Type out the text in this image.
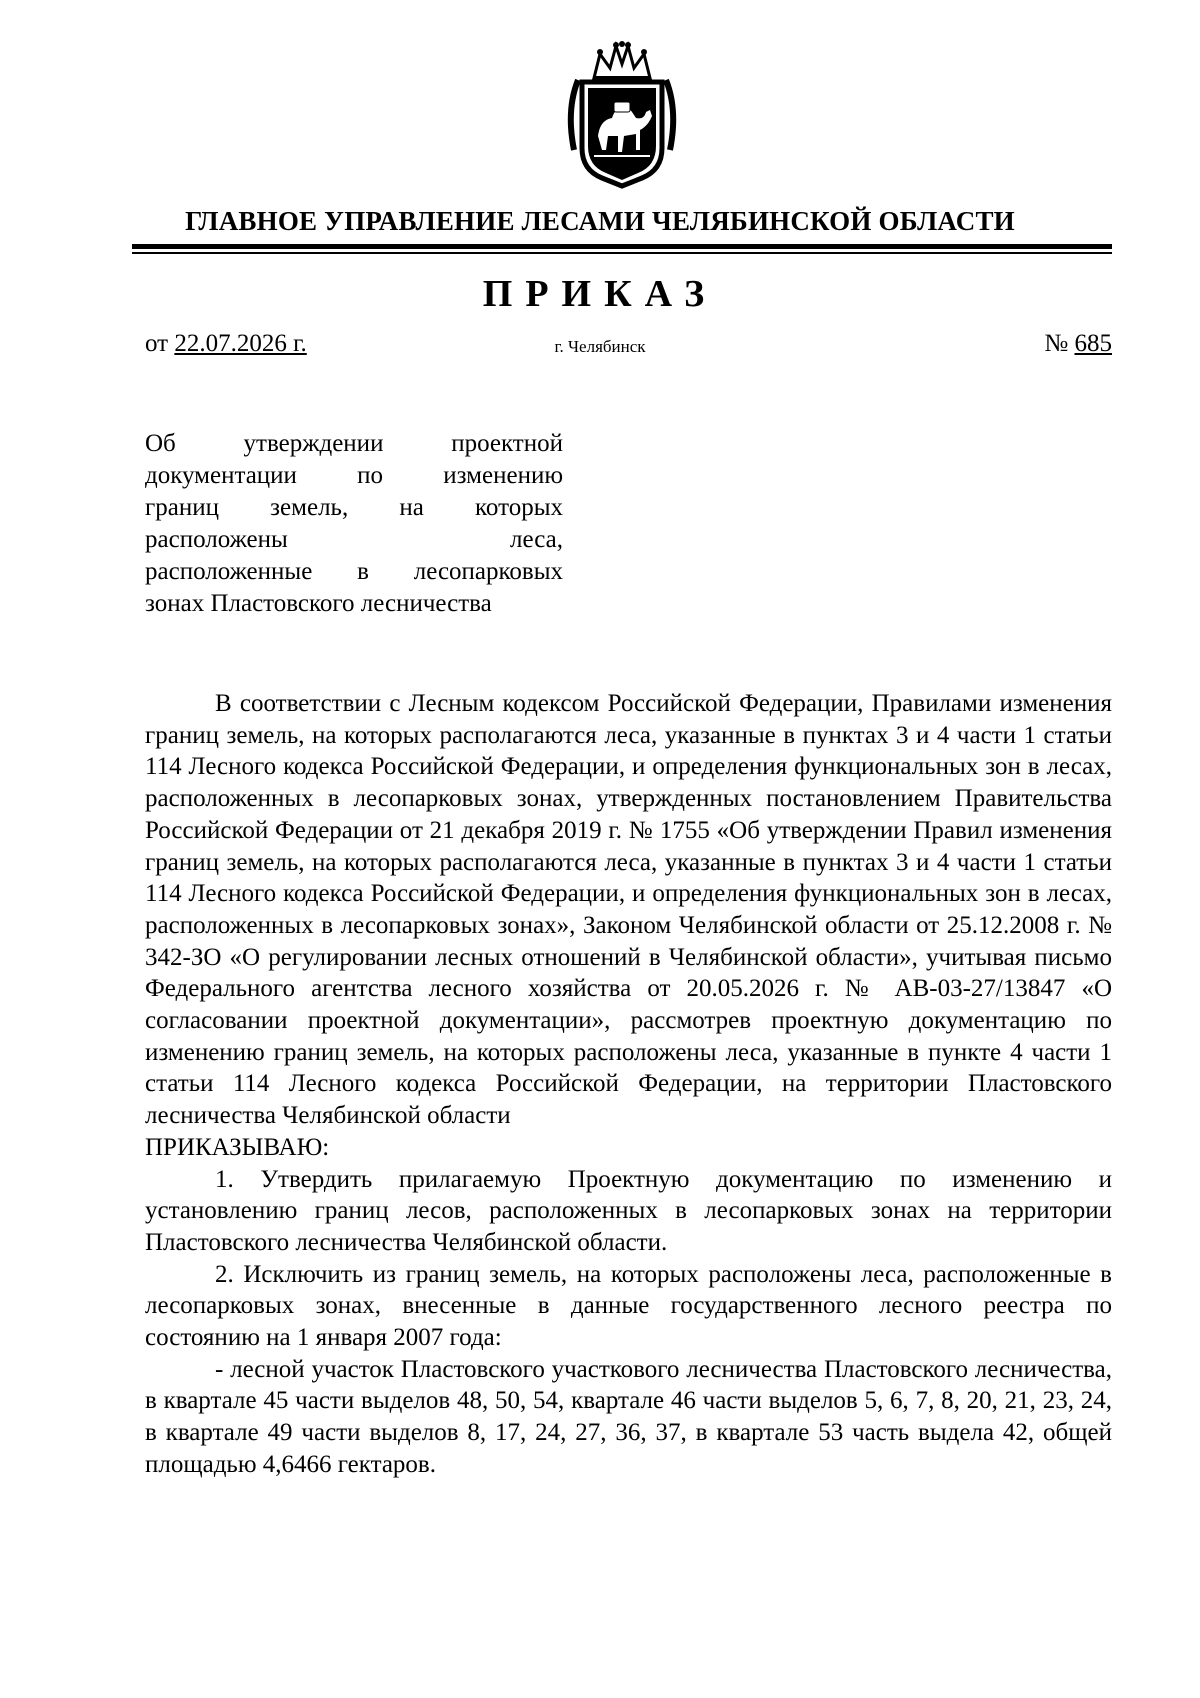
ГЛАВНОЕ УПРАВЛЕНИЕ ЛЕСАМИ ЧЕЛЯБИНСКОЙ ОБЛАСТИ
ПРИКАЗ
от 22.07.2026 г.	г. Челябинск	№ 685
Об утверждении проектной
документации по изменению
границ земель, на которых
расположены леса,
расположенные в лесопарковых
зонах Пластовского лесничества

В соответствии с Лесным кодексом Российской Федерации, Правилами изменения границ земель, на которых располагаются леса, указанные в пунктах 3 и 4 части 1 статьи 114 Лесного кодекса Российской Федерации, и определения функциональных зон в лесах, расположенных в лесопарковых зонах, утвержденных постановлением Правительства Российской Федерации от 21 декабря 2019 г. № 1755 «Об утверждении Правил изменения границ земель, на которых располагаются леса, указанные в пунктах 3 и 4 части 1 статьи 114 Лесного кодекса Российской Федерации, и определения функциональных зон в лесах, расположенных в лесопарковых зонах», Законом Челябинской области от 25.12.2008 г. № 342-ЗО «О регулировании лесных отношений в Челябинской области», учитывая письмо Федерального агентства лесного хозяйства от 20.05.2026 г. № АВ-03-27/13847 «О согласовании проектной документации», рассмотрев проектную документацию по изменению границ земель, на которых расположены леса, указанные в пункте 4 части 1 статьи 114 Лесного кодекса Российской Федерации, на территории Пластовского лесничества Челябинской области

ПРИКАЗЫВАЮ:

1. Утвердить прилагаемую Проектную документацию по изменению и установлению границ лесов, расположенных в лесопарковых зонах на территории Пластовского лесничества Челябинской области.

2. Исключить из границ земель, на которых расположены леса, расположенные в лесопарковых зонах, внесенные в данные государственного лесного реестра по состоянию на 1 января 2007 года:

- лесной участок Пластовского участкового лесничества Пластовского лесничества, в квартале 45 части выделов 48, 50, 54, квартале 46 части выделов 5, 6, 7, 8, 20, 21, 23, 24, в квартале 49 части выделов 8, 17, 24, 27, 36, 37, в квартале 53 часть выдела 42, общей площадью 4,6466 гектаров.
